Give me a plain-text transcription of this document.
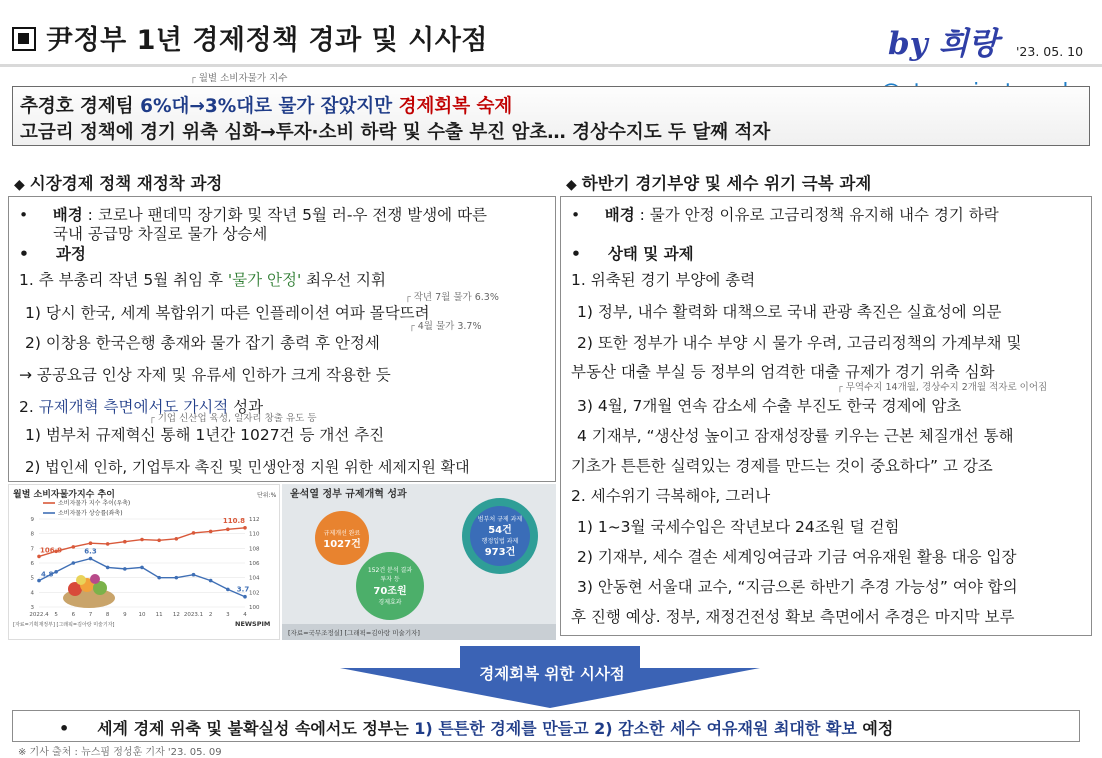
尹정부 1년 경제정책 경과 및 시사점	by 희랑 '23. 05. 10
┌ 월별 소비자물가 지수
추경호 경제팀 6%대→3%대로 물가 잡았지만 경제회복 숙제
고금리 정책에 경기 위축 심화→투자·소비 하락 및 수출 부진 암초… 경상수지도 두 달째 적자
◆ 시장경제 정책 재정착 과정
•     배경 : 코로나 팬데믹 장기화 및 작년 5월 러-우 전쟁 발생에 따른
국내 공급망 차질로 물가 상승세
•     과정
1. 추 부총리 작년 5월 취임 후 '물가 안정' 최우선 지휘
┌ 작년 7월 물가 6.3%
1) 당시 한국, 세계 복합위기 따른 인플레이션 여파 몰닥뜨려
┌ 4월 물가 3.7%
2) 이창용 한국은행 총재와 물가 잡기 총력 후 안정세
→ 공공요금 인상 자제 및 유류세 인하가 크게 작용한 듯
2. 규제개혁 측면에서도 가시적 성과
┌ 기업 신산업 육성, 일자리 창출 유도 등
1) 범부처 규제혁신 통해 1년간 1027건 등 개선 추진
2) 법인세 인하, 기업투자 촉진 및 민생안정 지원 위한 세제지원 확대
◆ 하반기 경기부양 및 세수 위기 극복 과제
•     배경 : 물가 안정 이유로 고금리정책 유지해 내수 경기 하락
•     상태 및 과제
1. 위축된 경기 부양에 총력
1) 정부, 내수 활력화 대책으로 국내 관광 촉진은 실효성에 의문
2) 또한 정부가 내수 부양 시 물가 우려, 고금리정책의 가계부채 및
부동산 대출 부실 등 정부의 엄격한 대출 규제가 경기 위축 심화
┌ 무역수지 14개월, 경상수지 2개월 적자로 이어짐
3) 4월, 7개월 연속 감소세 수출 부진도 한국 경제에 암초
4 기재부, “생산성 높이고 잠재성장률 키우는 근본 체질개선 통해
기초가 튼튼한 실력있는 경제를 만드는 것이 중요하다” 고 강조
2. 세수위기 극복해야, 그러나
1) 1~3월 국세수입은 작년보다 24조원 덜 걷힘
2) 기재부, 세수 결손 세계잉여금과 기금 여유재원 활용 대응 입장
3) 안동현 서울대 교수, “지금으론 하반기 추경 가능성” 여야 합의
후 진행 예상. 정부, 재정건전성 확보 측면에서 추경은 마지막 보루
월별 소비자물가지수 추이	단위:%
소비자물가 지수 추이(우축)
소비자물가 상승률(좌축)
3
4
5
6
7
8
9
100
102
104
106
108
110
112
2022.4 5 6 7 8 9 10 11 12 2023.1 2 3 4
106.9
110.8
4.8
6.3
3.7
[자료=기획재정부] [그래픽=김아랑 미술기자]	NEWSPIM
윤석열 정부 규제개혁 성과
규제개선 완료
1027건
범부처 규제 과제
54건
행정입법 과제
973건
152건 분석 결과
투자 등
70조원
경제효과
[자료=국무조정실] [그래픽=김아랑 미술기자]
경제회복 위한 시사점
• 세계 경제 위축 및 불확실성 속에서도 정부는 1) 튼튼한 경제를 만들고 2) 감소한 세수 여유재원 최대한 확보 예정
※ 기사 출처 : 뉴스핌 정성훈 기자 '23. 05. 09
